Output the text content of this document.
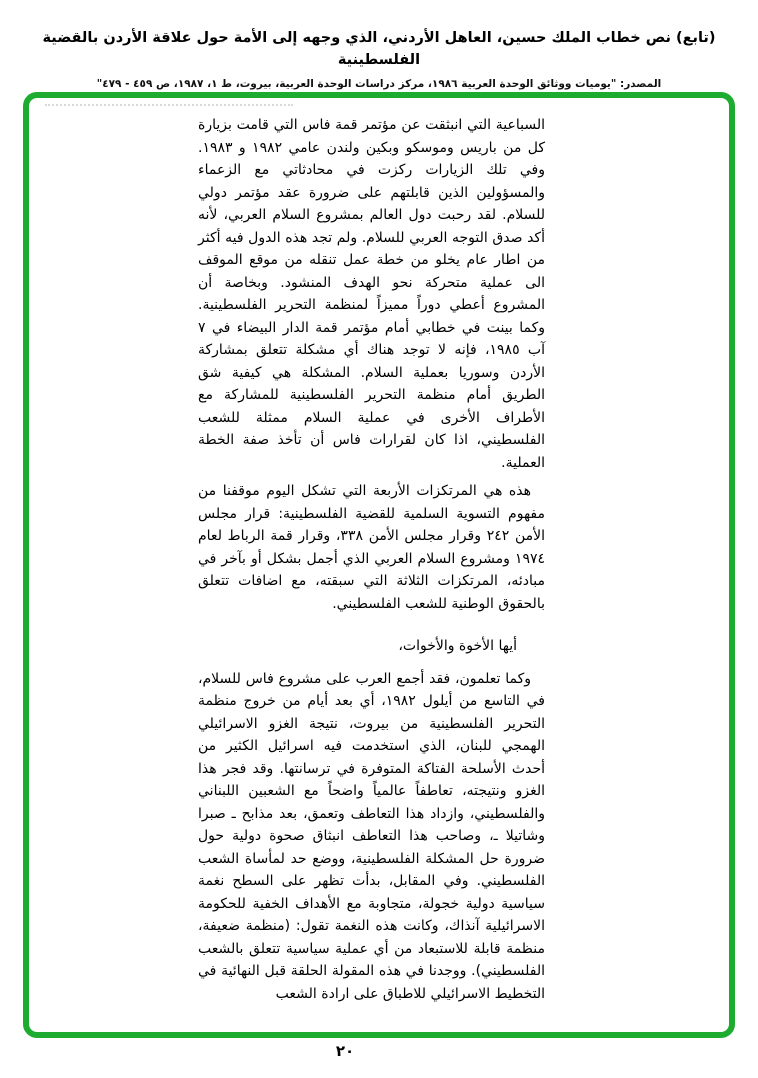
(تابع) نص خطاب الملك حسين، العاهل الأردني، الذي وجهه إلى الأمة حول علاقة الأردن بالقضية الفلسطينية
المصدر: "يوميات ووثائق الوحدة العربية ١٩٨٦، مركز دراسات الوحدة العربية، بيروت، ط ١، ١٩٨٧، ص ٤٥٩ - ٤٧٩"

السباعية التي انبثقت عن مؤتمر قمة فاس التي قامت بزيارة كل من باريس وموسكو وبكين ولندن عامي ١٩٨٢ و ١٩٨٣. وفي تلك الزيارات ركزت في محادثاتي مع الزعماء والمسؤولين الذين قابلتهم على ضرورة عقد مؤتمر دولي للسلام. لقد رحبت دول العالم بمشروع السلام العربي، لأنه أكد صدق التوجه العربي للسلام. ولم تجد هذه الدول فيه أكثر من اطار عام يخلو من خطة عمل تنقله من موقع الموقف الى عملية متحركة نحو الهدف المنشود. وبخاصة أن المشروع أعطي دوراً مميزاً لمنظمة التحرير الفلسطينية. وكما بينت في خطابي أمام مؤتمر قمة الدار البيضاء في ٧ آب ١٩٨٥، فإنه لا توجد هناك أي مشكلة تتعلق بمشاركة الأردن وسوريا بعملية السلام. المشكلة هي كيفية شق الطريق أمام منظمة التحرير الفلسطينية للمشاركة مع الأطراف الأخرى في عملية السلام ممثلة للشعب الفلسطيني، اذا كان لقرارات فاس أن تأخذ صفة الخطة العملية.

هذه هي المرتكزات الأربعة التي تشكل اليوم موقفنا من مفهوم التسوية السلمية للقضية الفلسطينية: قرار مجلس الأمن ٢٤٢ وقرار مجلس الأمن ٣٣٨، وقرار قمة الرباط لعام ١٩٧٤ ومشروع السلام العربي الذي أجمل بشكل أو بآخر في مبادئه، المرتكزات الثلاثة التي سبقته، مع اضافات تتعلق بالحقوق الوطنية للشعب الفلسطيني.

أيها الأخوة والأخوات،

وكما تعلمون، فقد أجمع العرب على مشروع فاس للسلام، في التاسع من أيلول ١٩٨٢، أي بعد أيام من خروج منظمة التحرير الفلسطينية من بيروت، نتيجة الغزو الاسرائيلي الهمجي للبنان، الذي استخدمت فيه اسرائيل الكثير من أحدث الأسلحة الفتاكة المتوفرة في ترسانتها. وقد فجر هذا الغزو ونتيجته، تعاطفاً عالمياً واضحاً مع الشعبين اللبناني والفلسطيني، وازداد هذا التعاطف وتعمق، بعد مذابح ـ صبرا وشاتيلا ـ، وصاحب هذا التعاطف انبثاق صحوة دولية حول ضرورة حل المشكلة الفلسطينية، ووضع حد لمأساة الشعب الفلسطيني. وفي المقابل، بدأت تظهر على السطح نغمة سياسية دولية خجولة، متجاوبة مع الأهداف الخفية للحكومة الاسرائيلية آنذاك، وكانت هذه النغمة تقول: (منظمة ضعيفة، منظمة قابلة للاستبعاد من أي عملية سياسية تتعلق بالشعب الفلسطيني). ووجدنا في هذه المقولة الحلقة قبل النهائية في التخطيط الاسرائيلي للاطباق على ارادة الشعب

٢٠
